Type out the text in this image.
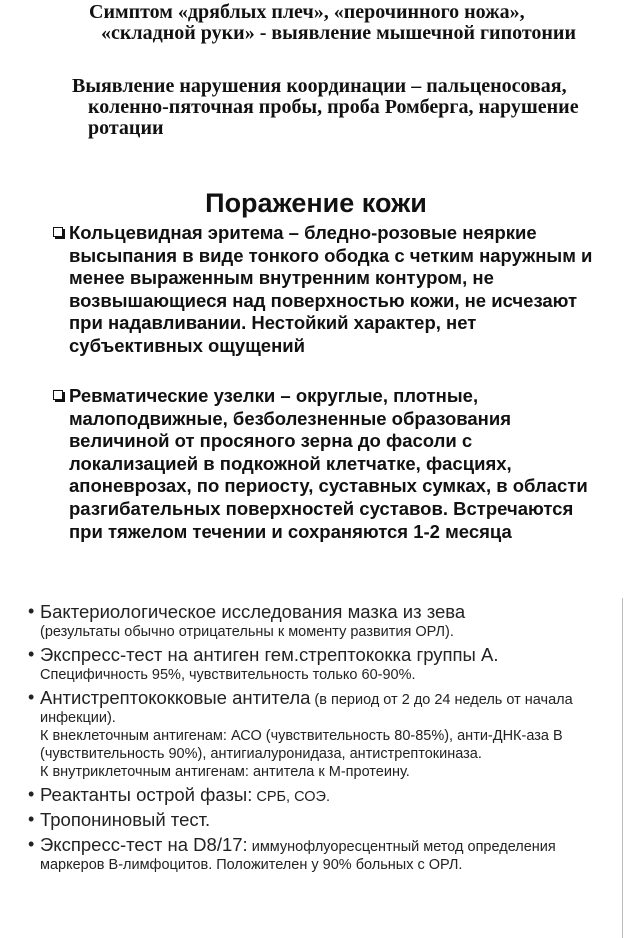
Симптом «дряблых плеч», «перочинного ножа», «складной руки» - выявление мышечной гипотонии
Выявление нарушения координации – пальценосовая, коленно-пяточная пробы, проба Ромберга, нарушение ротации
Поражение кожи
Кольцевидная эритема – бледно-розовые неяркие высыпания в виде тонкого ободка с четким наружным и менее выраженным внутренним контуром, не возвышающиеся над поверхностью кожи, не исчезают при надавливании. Нестойкий характер, нет субъективных ощущений
Ревматические узелки – округлые, плотные, малоподвижные, безболезненные образования величиной от просяного зерна до фасоли с локализацией в подкожной клетчатке, фасциях, апоневрозах, по периосту, суставных сумках, в области разгибательных поверхностей суставов. Встречаются при тяжелом течении и сохраняются 1-2 месяца
• Бактериологическое исследования мазка из зева
(результаты обычно отрицательны к моменту развития ОРЛ).
• Экспресс-тест на антиген гем.стрептококка группы А.
Специфичность 95%, чувствительность только 60-90%.
• Антистрептококковые антитела (в период от 2 до 24 недель от начала инфекции).
К внеклеточным антигенам: АСО (чувствительность 80-85%), анти-ДНК-аза В (чувствительность 90%), антигиалуронидаза, антистрептокиназа.
К внутриклеточным антигенам: антитела к М-протеину.
• Реактанты острой фазы: СРБ, СОЭ.
• Тропониновый тест.
• Экспресс-тест на D8/17: иммунофлуоресцентный метод определения маркеров В-лимфоцитов. Положителен у 90% больных с ОРЛ.
